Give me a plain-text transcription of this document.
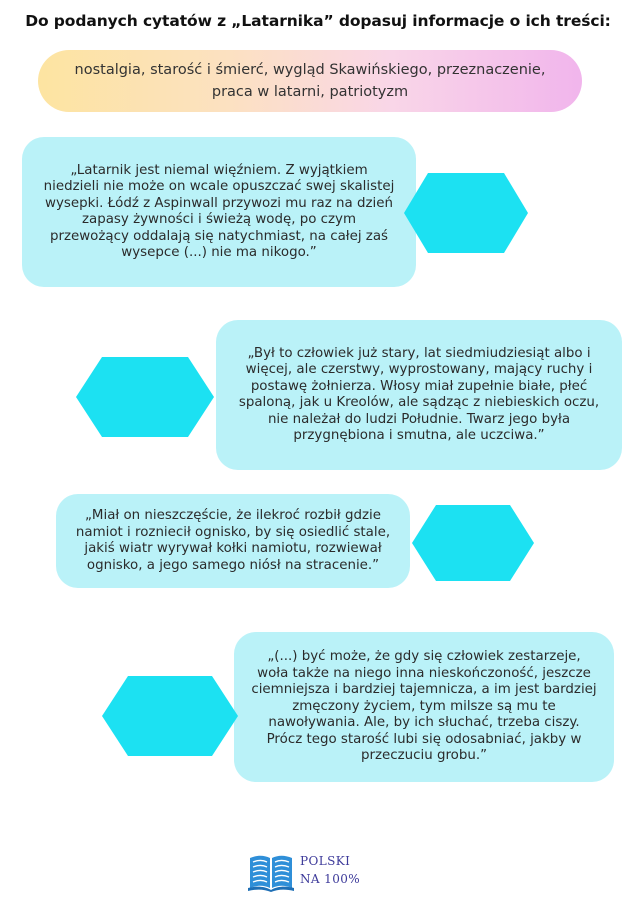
Do podanych cytatów z „Latarnika” dopasuj informacje o ich treści:
nostalgia, starość i śmierć, wygląd Skawińskiego, przeznaczenie, praca w latarni, patriotyzm
„Latarnik jest niemal więźniem. Z wyjątkiem niedzieli nie może on wcale opuszczać swej skalistej wysepki. Łódź z Aspinwall przywozi mu raz na dzień zapasy żywności i świeżą wodę, po czym przewożący oddalają się natychmiast, na całej zaś wysepce (...) nie ma nikogo.”
„Był to człowiek już stary, lat siedmiudziesiąt albo i więcej, ale czerstwy, wyprostowany, mający ruchy i postawę żołnierza. Włosy miał zupełnie białe, płeć spaloną, jak u Kreolów, ale sądząc z niebieskich oczu, nie należał do ludzi Południe. Twarz jego była przygnębiona i smutna, ale uczciwa.”
„Miał on nieszczęście, że ilekroć rozbił gdzie namiot i rozniecił ognisko, by się osiedlić stale, jakiś wiatr wyrywał kołki namiotu, rozwiewał ognisko, a jego samego niósł na stracenie.”
„(...) być może, że gdy się człowiek zestarzeje, woła także na niego inna nieskończoność, jeszcze ciemniejsza i bardziej tajemnicza, a im jest bardziej zmęczony życiem, tym milsze są mu te nawoływania. Ale, by ich słuchać, trzeba ciszy. Prócz tego starość lubi się odosabniać, jakby w przeczuciu grobu.”
POLSKI
NA 100%
